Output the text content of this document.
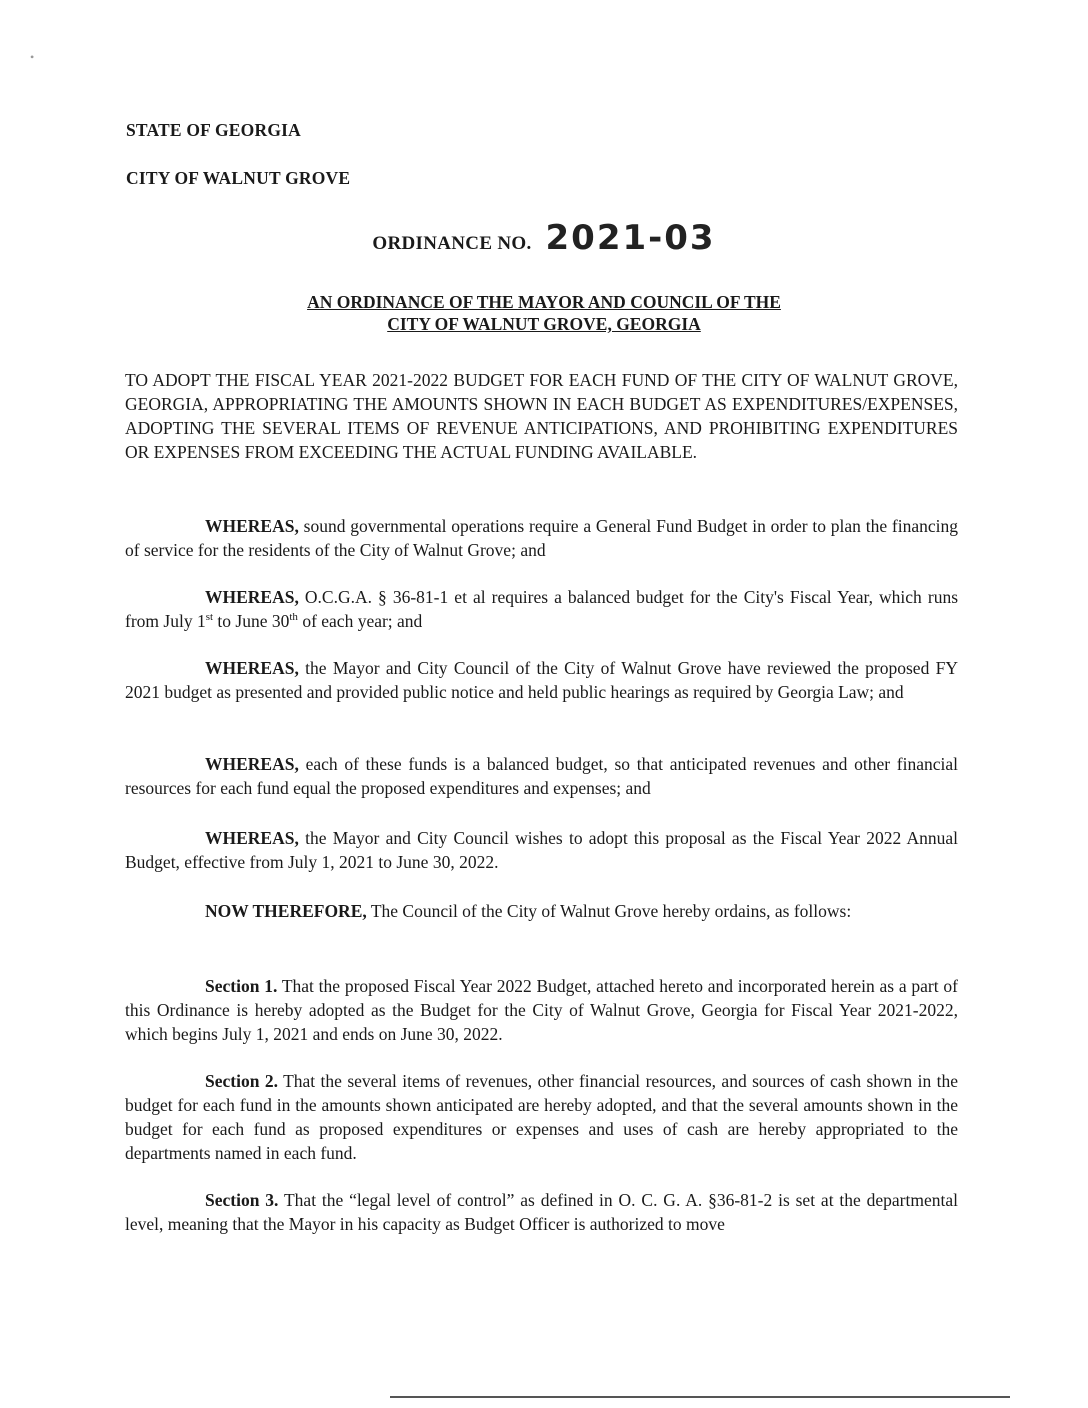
•
STATE OF GEORGIA
CITY OF WALNUT GROVE
ORDINANCE NO. 2021-03
AN ORDINANCE OF THE MAYOR AND COUNCIL OF THE
CITY OF WALNUT GROVE, GEORGIA
TO ADOPT THE FISCAL YEAR 2021-2022 BUDGET FOR EACH FUND OF THE CITY OF WALNUT GROVE, GEORGIA, APPROPRIATING THE AMOUNTS SHOWN IN EACH BUDGET AS EXPENDITURES/EXPENSES, ADOPTING THE SEVERAL ITEMS OF REVENUE ANTICIPATIONS, AND PROHIBITING EXPENDITURES OR EXPENSES FROM EXCEEDING THE ACTUAL FUNDING AVAILABLE.
WHEREAS, sound governmental operations require a General Fund Budget in order to plan the financing of service for the residents of the City of Walnut Grove; and
WHEREAS, O.C.G.A. § 36-81-1 et al requires a balanced budget for the City's Fiscal Year, which runs from July 1st to June 30th of each year; and
WHEREAS, the Mayor and City Council of the City of Walnut Grove have reviewed the proposed FY 2021 budget as presented and provided public notice and held public hearings as required by Georgia Law; and
WHEREAS, each of these funds is a balanced budget, so that anticipated revenues and other financial resources for each fund equal the proposed expenditures and expenses; and
WHEREAS, the Mayor and City Council wishes to adopt this proposal as the Fiscal Year 2022 Annual Budget, effective from July 1, 2021 to June 30, 2022.
NOW THEREFORE, The Council of the City of Walnut Grove hereby ordains, as follows:
Section 1. That the proposed Fiscal Year 2022 Budget, attached hereto and incorporated herein as a part of this Ordinance is hereby adopted as the Budget for the City of Walnut Grove, Georgia for Fiscal Year 2021-2022, which begins July 1, 2021 and ends on June 30, 2022.
Section 2. That the several items of revenues, other financial resources, and sources of cash shown in the budget for each fund in the amounts shown anticipated are hereby adopted, and that the several amounts shown in the budget for each fund as proposed expenditures or expenses and uses of cash are hereby appropriated to the departments named in each fund.
Section 3. That the “legal level of control” as defined in O. C. G. A. §36-81-2 is set at the departmental level, meaning that the Mayor in his capacity as Budget Officer is authorized to move
